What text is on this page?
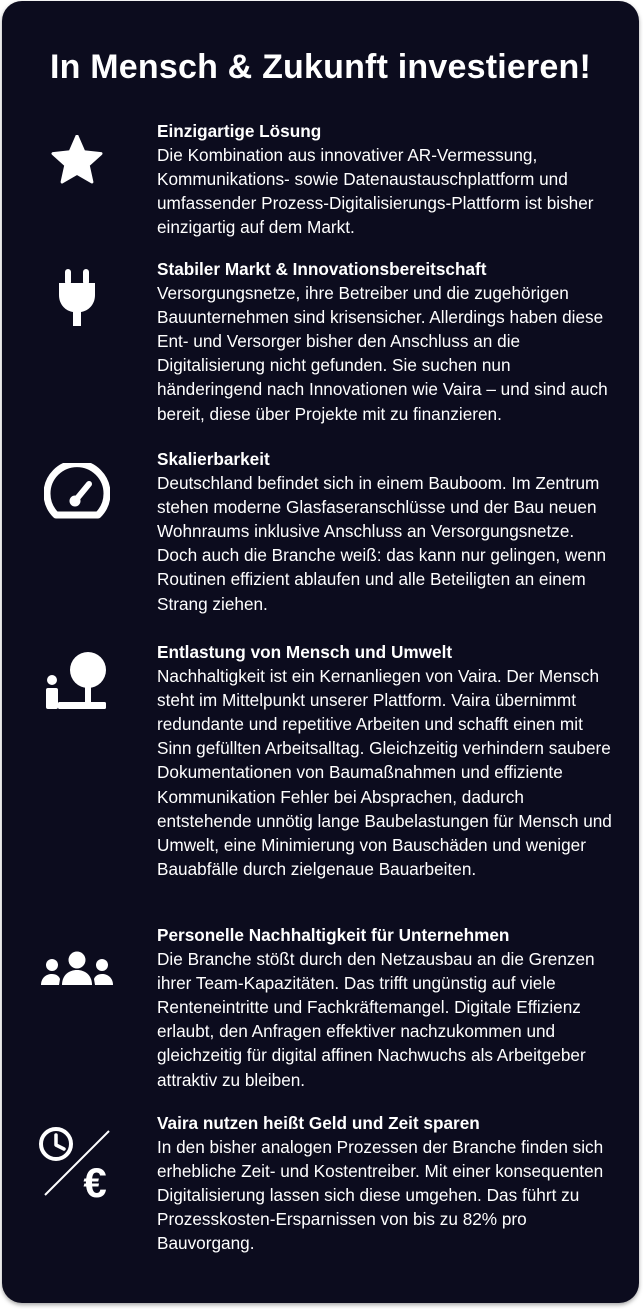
In Mensch & Zukunft investieren!
Einzigartige Lösung
Die Kombination aus innovativer AR-Vermessung, Kommunikations- sowie Datenaustauschplattform und umfassender Prozess-Digitalisierungs-Plattform ist bisher einzigartig auf dem Markt.
Stabiler Markt & Innovationsbereitschaft
Versorgungsnetze, ihre Betreiber und die zugehörigen Bauunternehmen sind krisensicher. Allerdings haben diese Ent- und Versorger bisher den Anschluss an die Digitalisierung nicht gefunden. Sie suchen nun händeringend nach Innovationen wie Vaira – und sind auch bereit, diese über Projekte mit zu finanzieren.
Skalierbarkeit
Deutschland befindet sich in einem Bauboom. Im Zentrum stehen moderne Glasfaseranschlüsse und der Bau neuen Wohnraums inklusive Anschluss an Versorgungsnetze. Doch auch die Branche weiß: das kann nur gelingen, wenn Routinen effizient ablaufen und alle Beteiligten an einem Strang ziehen.
Entlastung von Mensch und Umwelt
Nachhaltigkeit ist ein Kernanliegen von Vaira. Der Mensch steht im Mittelpunkt unserer Plattform. Vaira übernimmt redundante und repetitive Arbeiten und schafft einen mit Sinn gefüllten Arbeitsalltag. Gleichzeitig verhindern saubere Dokumentationen von Baumaßnahmen und effiziente Kommunikation Fehler bei Absprachen, dadurch entstehende unnötig lange Baubelastungen für Mensch und Umwelt, eine Minimierung von Bauschäden und weniger Bauabfälle durch zielgenaue Bauarbeiten.
Personelle Nachhaltigkeit für Unternehmen
Die Branche stößt durch den Netzausbau an die Grenzen ihrer Team-Kapazitäten. Das trifft ungünstig auf viele Renteneintritte und Fachkräftemangel. Digitale Effizienz erlaubt, den Anfragen effektiver nachzukommen und gleichzeitig für digital affinen Nachwuchs als Arbeitgeber attraktiv zu bleiben.
€
Vaira nutzen heißt Geld und Zeit sparen
In den bisher analogen Prozessen der Branche finden sich erhebliche Zeit- und Kostentreiber. Mit einer konsequenten Digitalisierung lassen sich diese umgehen. Das führt zu Prozesskosten-Ersparnissen von bis zu 82% pro Bauvorgang.
